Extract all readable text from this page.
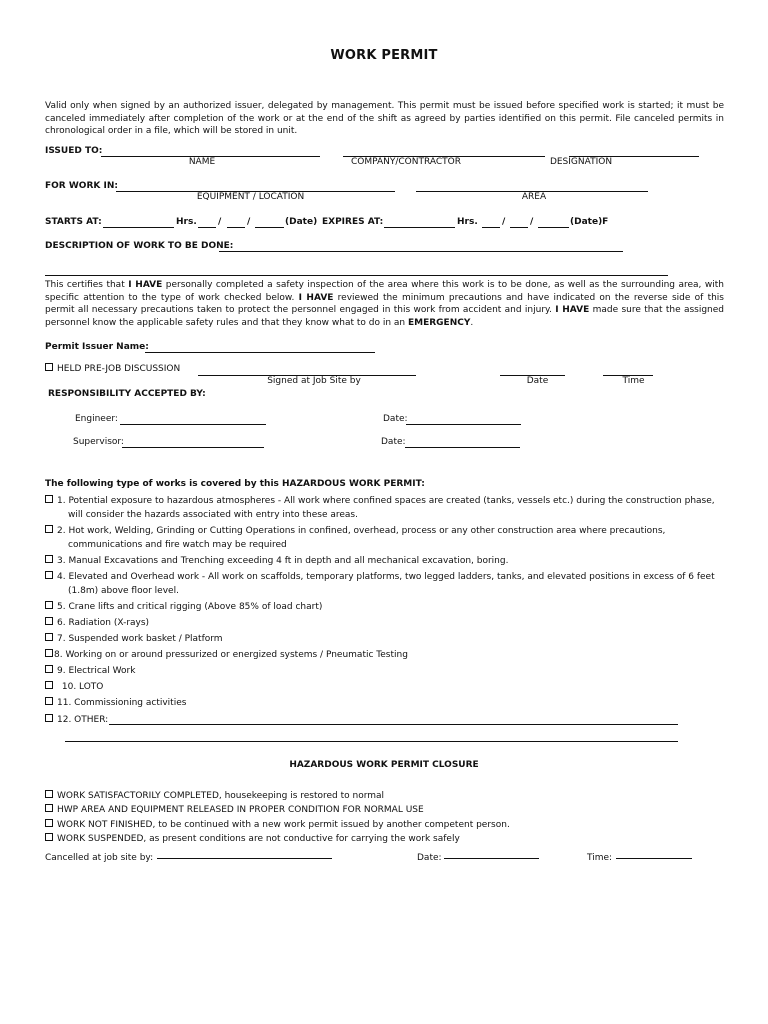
WORK PERMIT
Valid only when signed by an authorized issuer, delegated by management. This permit must be issued before specified work is started; it must be canceled immediately after completion of the work or at the end of the shift as agreed by parties identified on this permit. File canceled permits in chronological order in a file, which will be stored in unit.
ISSUED TO:
NAME	COMPANY/CONTRACTOR	DESIGNATION
FOR WORK IN:
EQUIPMENT / LOCATION	AREA
STARTS AT:	Hrs. /	/	(Date) EXPIRES AT:	Hrs.	/	/	(Date)F
DESCRIPTION OF WORK TO BE DONE:
This certifies that I HAVE personally completed a safety inspection of the area where this work is to be done, as well as the surrounding area, with specific attention to the type of work checked below. I HAVE reviewed the minimum precautions and have indicated on the reverse side of this permit all necessary precautions taken to protect the personnel engaged in this work from accident and injury. I HAVE made sure that the assigned personnel know the applicable safety rules and that they know what to do in an EMERGENCY.
Permit Issuer Name:
HELD PRE-JOB DISCUSSION
Signed at Job Site by	Date	Time
RESPONSIBILITY ACCEPTED BY:
Engineer:	Date:
Supervisor:	Date:
The following type of works is covered by this HAZARDOUS WORK PERMIT:
1. Potential exposure to hazardous atmospheres - All work where confined spaces are created (tanks, vessels etc.) during the construction phase,
will consider the hazards associated with entry into these areas.
2. Hot work, Welding, Grinding or Cutting Operations in confined, overhead, process or any other construction area where precautions,
communications and fire watch may be required
3. Manual Excavations and Trenching exceeding 4 ft in depth and all mechanical excavation, boring.
4. Elevated and Overhead work - All work on scaffolds, temporary platforms, two legged ladders, tanks, and elevated positions in excess of 6 feet
(1.8m) above floor level.
5. Crane lifts and critical rigging (Above 85% of load chart)
6. Radiation (X-rays)
7. Suspended work basket / Platform
8. Working on or around pressurized or energized systems / Pneumatic Testing
9. Electrical Work
10. LOTO
11. Commissioning activities
12. OTHER:
HAZARDOUS WORK PERMIT CLOSURE
WORK SATISFACTORILY COMPLETED, housekeeping is restored to normal
HWP AREA AND EQUIPMENT RELEASED IN PROPER CONDITION FOR NORMAL USE
WORK NOT FINISHED, to be continued with a new work permit issued by another competent person.
WORK SUSPENDED, as present conditions are not conductive for carrying the work safely
Cancelled at job site by:	Date:	Time:
